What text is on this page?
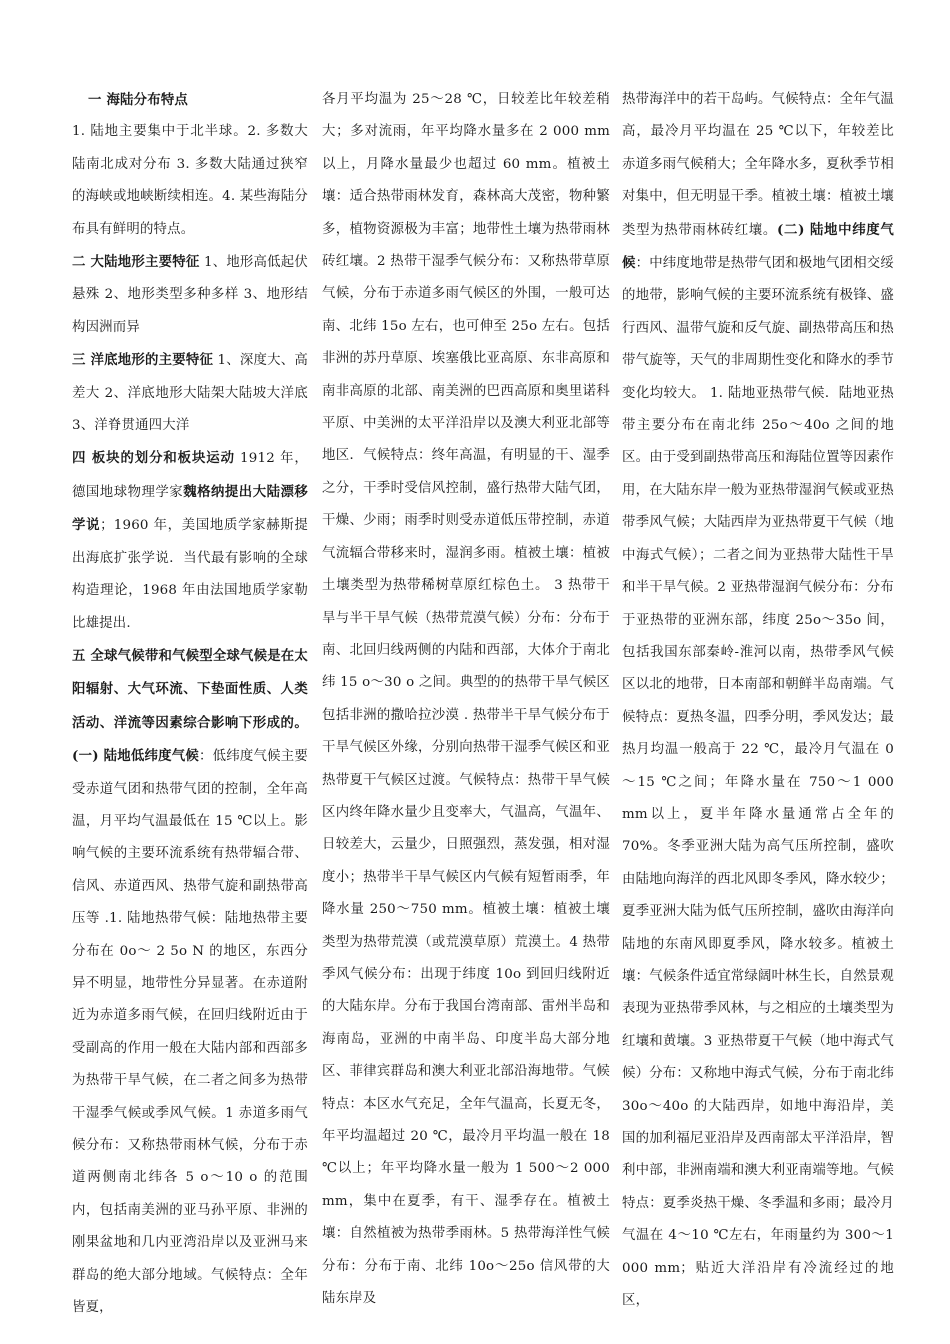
一 海陆分布特点

1. 陆地主要集中于北半球。2. 多数大陆南北成对分布 3. 多数大陆通过狭窄的海峡或地峡断续相连。4. 某些海陆分布具有鲜明的特点。

二 大陆地形主要特征 1、地形高低起伏悬殊 2、地形类型多种多样 3、地形结构因洲而异

三 洋底地形的主要特征 1、深度大、高差大 2、洋底地形大陆架大陆坡大洋底 3、洋脊贯通四大洋

四 板块的划分和板块运动 1912 年，德国地球物理学家魏格纳提出大陆漂移学说；1960 年，美国地质学家赫斯提出海底扩张学说．当代最有影响的全球构造理论，1968 年由法国地质学家勒比雄提出.

五 全球气候带和气候型全球气候是在太阳辐射、大气环流、下垫面性质、人类活动、洋流等因素综合影响下形成的。(一) 陆地低纬度气候：低纬度气候主要受赤道气团和热带气团的控制，全年高温，月平均气温最低在 15 ℃以上。影响气候的主要环流系统有热带辐合带、信风、赤道西风、热带气旋和副热带高压等 .1. 陆地热带气候：陆地热带主要分布在 0o～ 2 5o N 的地区，东西分异不明显，地带性分异显著。在赤道附近为赤道多雨气候，在回归线附近由于受副高的作用一般在大陆内部和西部多为热带干旱气候，在二者之间多为热带干湿季气候或季风气候。1 赤道多雨气候分布：又称热带雨林气候，分布于赤道两侧南北纬各 5 o～10 o 的范围内，包括南美洲的亚马孙平原、非洲的刚果盆地和几内亚湾沿岸以及亚洲马来群岛的绝大部分地域。气候特点：全年皆夏，

各月平均温为 25～28 ℃，日较差比年较差稍大；多对流雨，年平均降水量多在 2 000 mm 以上，月降水量最少也超过 60 mm。植被土壤：适合热带雨林发育，森林高大茂密，物种繁多，植物资源极为丰富；地带性土壤为热带雨林砖红壤。2 热带干湿季气候分布：又称热带草原气候，分布于赤道多雨气候区的外围，一般可达南、北纬 15o 左右，也可伸至 25o 左右。包括非洲的苏丹草原、埃塞俄比亚高原、东非高原和南非高原的北部、南美洲的巴西高原和奥里诺科平原、中美洲的太平洋沿岸以及澳大利亚北部等地区．气候特点：终年高温，有明显的干、湿季之分，干季时受信风控制，盛行热带大陆气团，干燥、少雨；雨季时则受赤道低压带控制，赤道气流辐合带移来时，湿润多雨。植被土壤：植被土壤类型为热带稀树草原红棕色土。 3 热带干旱与半干旱气候（热带荒漠气候）分布：分布于南、北回归线两侧的内陆和西部，大体介于南北纬 15 o～30 o 之间。典型的的热带干旱气候区包括非洲的撒哈拉沙漠 . 热带半干旱气候分布于干旱气候区外缘，分别向热带干湿季气候区和亚热带夏干气候区过渡。气候特点：热带干旱气候区内终年降水量少且变率大，气温高，气温年、日较差大，云量少，日照强烈，蒸发强，相对湿度小；热带半干旱气候区内气候有短暂雨季，年降水量 250～750 mm。植被土壤：植被土壤类型为热带荒漠（或荒漠草原）荒漠土。4 热带季风气候分布：出现于纬度 10o 到回归线附近的大陆东岸。分布于我国台湾南部、雷州半岛和海南岛，亚洲的中南半岛、印度半岛大部分地区、菲律宾群岛和澳大利亚北部沿海地带。气候特点：本区水气充足，全年气温高，长夏无冬，年平均温超过 20 ℃，最冷月平均温一般在 18 ℃以上；年平均降水量一般为 1 500～2 000 mm，集中在夏季，有干、湿季存在。植被土壤：自然植被为热带季雨林。5 热带海洋性气候分布：分布于南、北纬 10o～25o 信风带的大陆东岸及

热带海洋中的若干岛屿。气候特点：全年气温高，最冷月平均温在 25 ℃以下，年较差比赤道多雨气候稍大；全年降水多，夏秋季节相对集中，但无明显干季。植被土壤：植被土壤类型为热带雨林砖红壤。(二) 陆地中纬度气候：中纬度地带是热带气团和极地气团相交绥的地带，影响气候的主要环流系统有极锋、盛行西风、温带气旋和反气旋、副热带高压和热带气旋等，天气的非周期性变化和降水的季节变化均较大。 1. 陆地亚热带气候．陆地亚热带主要分布在南北纬 25o～40o 之间的地区。由于受到副热带高压和海陆位置等因素作用，在大陆东岸一般为亚热带湿润气候或亚热带季风气候；大陆西岸为亚热带夏干气候（地中海式气候）；二者之间为亚热带大陆性干旱和半干旱气候。2 亚热带湿润气候分布：分布于亚热带的亚洲东部，纬度 25o～35o 间，包括我国东部秦岭-淮河以南，热带季风气候区以北的地带，日本南部和朝鲜半岛南端。气候特点：夏热冬温，四季分明，季风发达；最热月均温一般高于 22 ℃，最冷月气温在 0～15 ℃之间；年降水量在 750～1 000 mm以上，夏半年降水量通常占全年的 70%。冬季亚洲大陆为高气压所控制，盛吹由陆地向海洋的西北风即冬季风，降水较少；夏季亚洲大陆为低气压所控制，盛吹由海洋向陆地的东南风即夏季风，降水较多。植被土壤：气候条件适宜常绿阔叶林生长，自然景观表现为亚热带季风林，与之相应的土壤类型为红壤和黄壤。3 亚热带夏干气候（地中海式气候）分布：又称地中海式气候，分布于南北纬 30o～40o 的大陆西岸，如地中海沿岸，美国的加利福尼亚沿岸及西南部太平洋沿岸，智利中部，非洲南端和澳大利亚南端等地。气候特点：夏季炎热干燥、冬季温和多雨；最冷月气温在 4～10 ℃左右，年雨量约为 300～1 000 mm；贴近大洋沿岸有冷流经过的地区，
